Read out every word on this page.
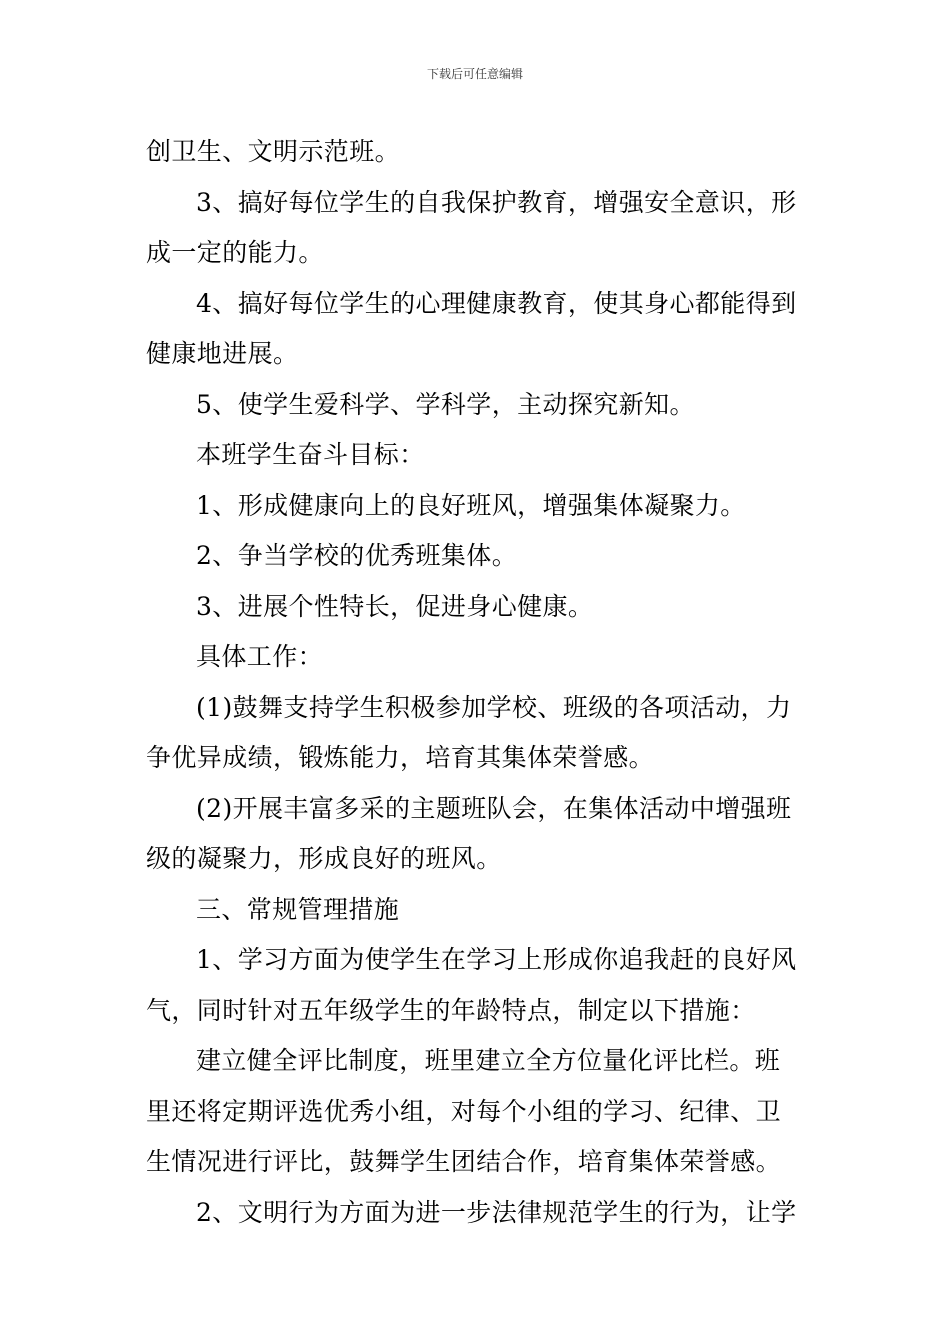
下载后可任意编辑
创卫生、文明示范班。
3、搞好每位学生的自我保护教育，增强安全意识，形
成一定的能力。
4、搞好每位学生的心理健康教育，使其身心都能得到
健康地进展。
5、使学生爱科学、学科学，主动探究新知。
本班学生奋斗目标：
1、形成健康向上的良好班风，增强集体凝聚力。
2、争当学校的优秀班集体。
3、进展个性特长，促进身心健康。
具体工作：
(1)鼓舞支持学生积极参加学校、班级的各项活动，力
争优异成绩，锻炼能力，培育其集体荣誉感。
(2)开展丰富多采的主题班队会，在集体活动中增强班
级的凝聚力，形成良好的班风。
三、常规管理措施
1、学习方面为使学生在学习上形成你追我赶的良好风
气，同时针对五年级学生的年龄特点，制定以下措施：
建立健全评比制度，班里建立全方位量化评比栏。班
里还将定期评选优秀小组，对每个小组的学习、纪律、卫
生情况进行评比，鼓舞学生团结合作，培育集体荣誉感。
2、文明行为方面为进一步法律规范学生的行为，让学
